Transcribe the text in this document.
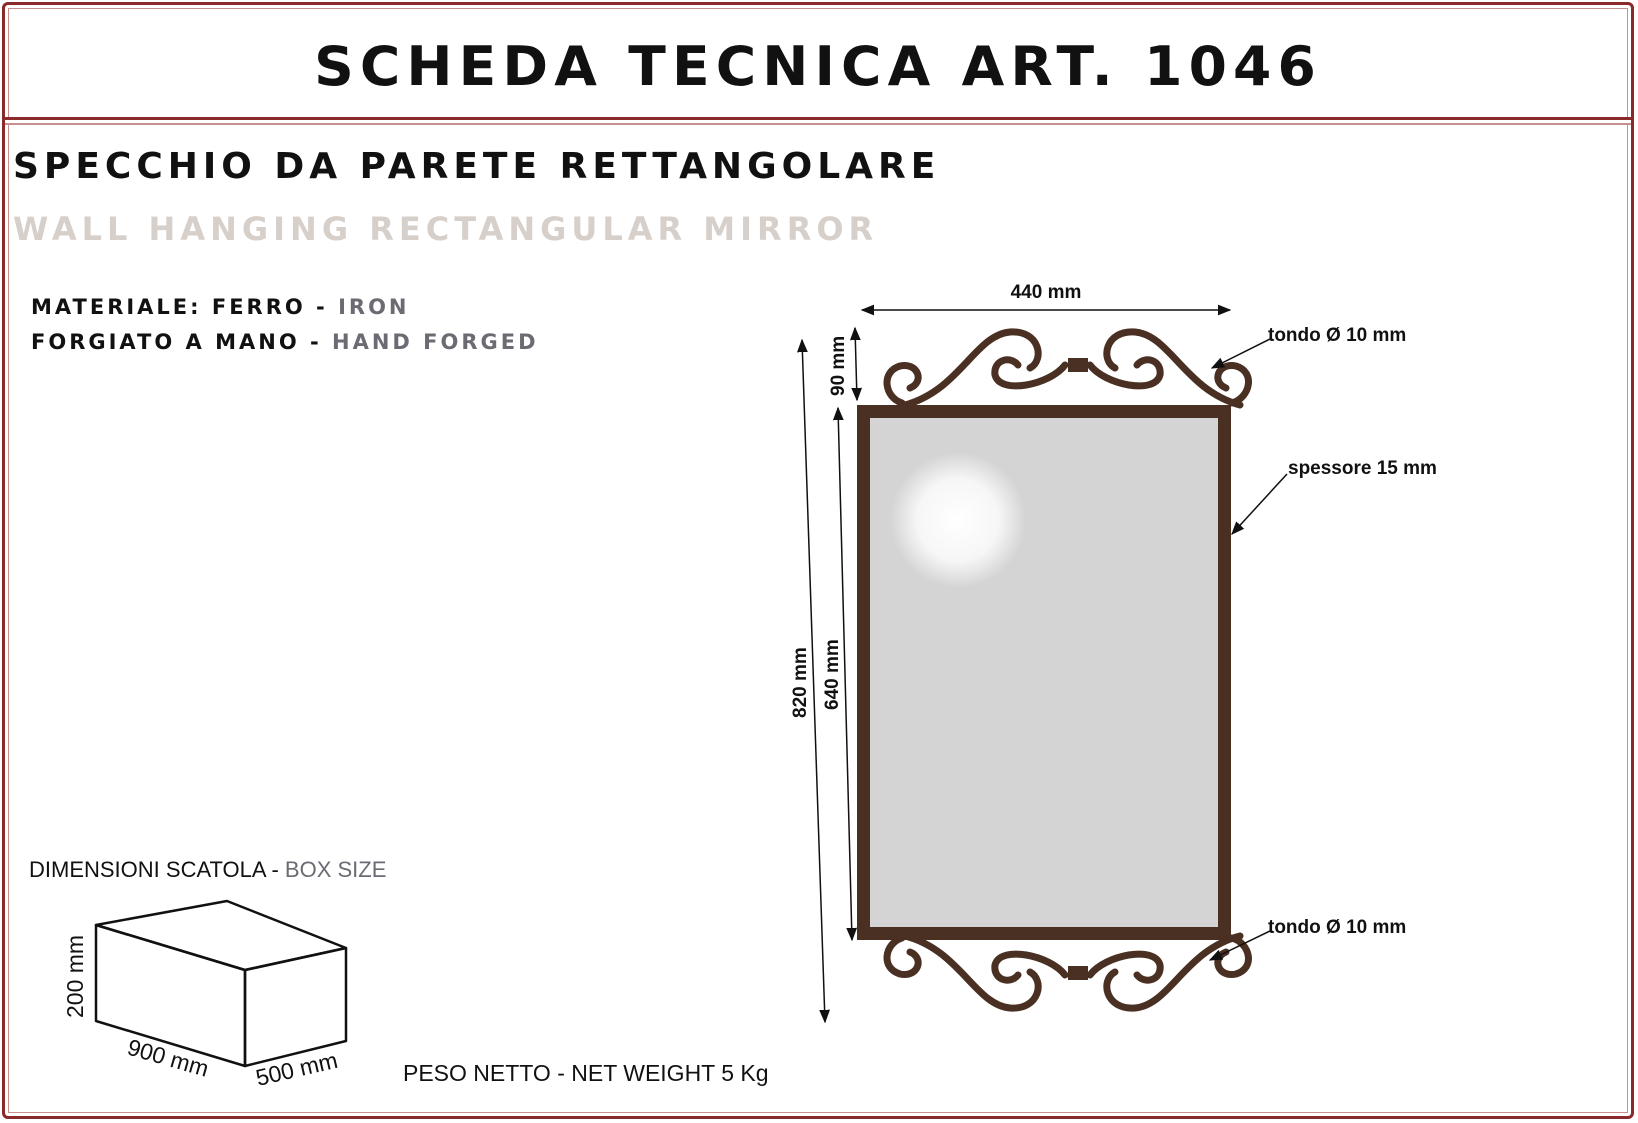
SCHEDA TECNICA ART. 1046
SPECCHIO DA PARETE RETTANGOLARE
WALL HANGING RECTANGULAR MIRROR
MATERIALE: FERRO - IRON
FORGIATO A MANO - HAND FORGED
440 mm
820 mm 640 mm
90 mm
tondo Ø 10 mm
spessore 15 mm
tondo Ø 10 mm
DIMENSIONI SCATOLA - BOX SIZE
200 mm
900 mm 500 mm	PESO NETTO - NET WEIGHT 5 Kg
